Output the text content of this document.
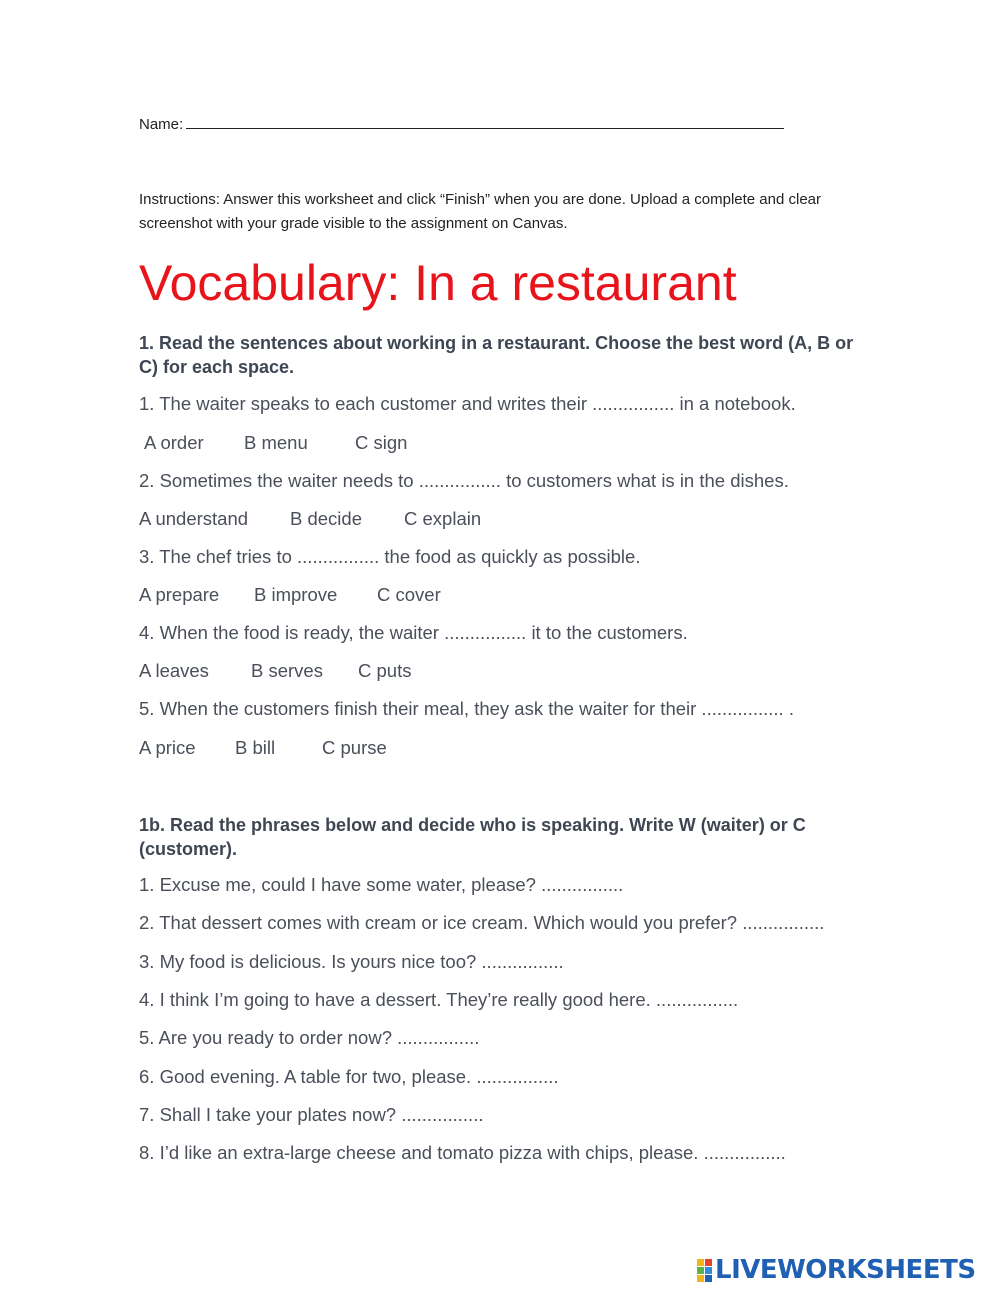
Name:
Instructions: Answer this worksheet and click “Finish” when you are done. Upload a complete and clear screenshot with your grade visible to the assignment on Canvas.
Vocabulary: In a restaurant
1. Read the sentences about working in a restaurant. Choose the best word (A, B or C) for each space.
1. The waiter speaks to each customer and writes their ................ in a notebook.
A order B menu	C sign
2. Sometimes the waiter needs to ................ to customers what is in the dishes.
A understand B decide C explain
3. The chef tries to ................ the food as quickly as possible.
A prepare B improve C cover
4. When the food is ready, the waiter ................ it to the customers.
A leaves B serves C puts
5. When the customers finish their meal, they ask the waiter for their ................ .
A price B bill	C purse
1b. Read the phrases below and decide who is speaking. Write W (waiter) or C (customer).
1. Excuse me, could I have some water, please? ................
2. That dessert comes with cream or ice cream. Which would you prefer? ................
3. My food is delicious. Is yours nice too? ................
4. I think I’m going to have a dessert. They’re really good here. ................
5. Are you ready to order now? ................
6. Good evening. A table for two, please. ................
7. Shall I take your plates now? ................
8. I’d like an extra-large cheese and tomato pizza with chips, please. ................
LIVEWORKSHEETS
